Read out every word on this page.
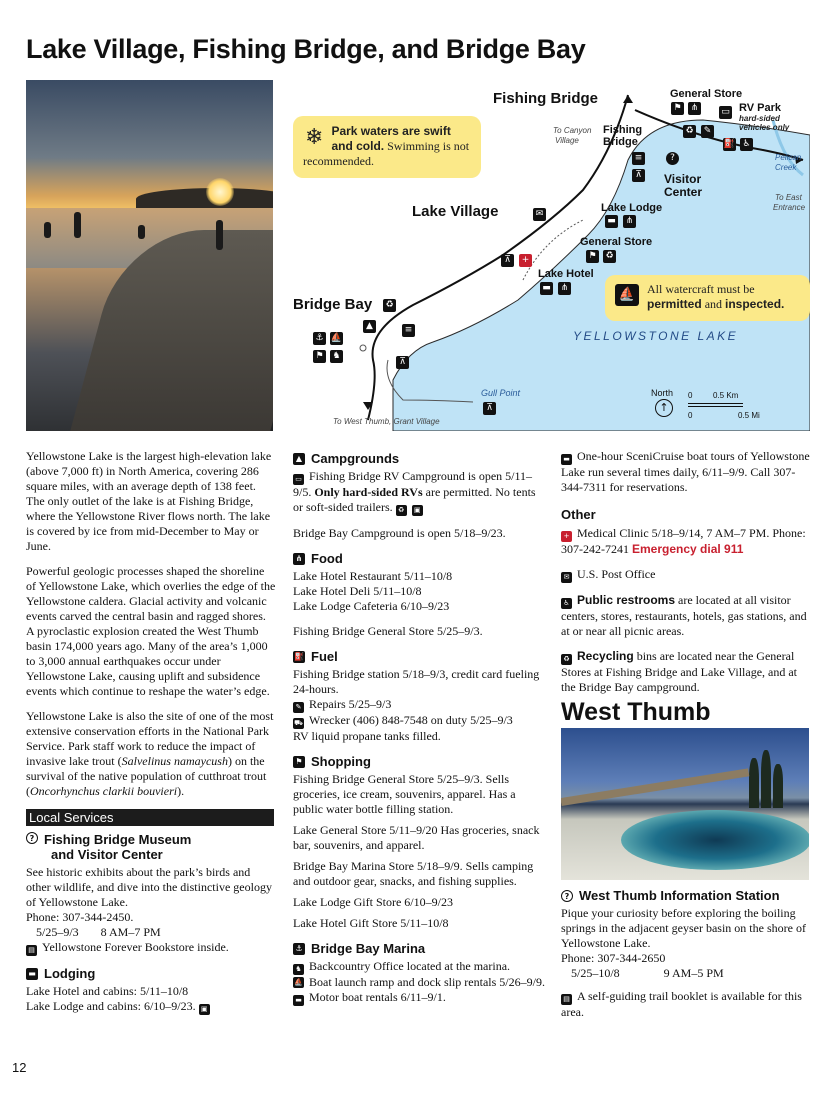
Lake Village, Fishing Bridge, and Bridge Bay
Fishing Bridge	General Store
⚑	⋔	RV Park
hard-sided
vehicles only
▭
⛽ ♿
♻	✎
To Canyon
Village
Fishing
Bridge
Pelican
Creek
≡
⊼
?
Visitor
Center	To East
Entrance
Lake Village	✉	Lake Lodge
▬	⋔
General Store
⚑ ♻
⊼	+
Lake Hotel
▬	⋔
Bridge Bay ♻
▲	≡
⚓ ⛵
⚑ ♞
⊼
YELLOWSTONE LAKE
Gull Point
⊼
To West Thumb, Grant Village
North
↑
0	0.5 Km
0	0.5 Mi
❄ Park waters are swift and cold. Swimming is not recommended.
⛵ All watercraft must be
permitted and inspected.

Yellowstone Lake is the largest high-elevation lake (above 7,000 ft) in North America, covering 286 square miles, with an average depth of 138 feet. The only outlet of the lake is at Fishing Bridge, where the Yellowstone River flows north. The lake is covered by ice from mid-December to May or June.

Powerful geologic processes shaped the shoreline of Yellowstone Lake, which overlies the edge of the Yellowstone caldera. Glacial activity and volcanic events carved the central basin and ragged shores. A pyroclastic explosion created the West Thumb basin 174,000 years ago. Many of the area’s 1,000 to 3,000 annual earthquakes occur under Yellowstone Lake, causing uplift and subsidence events which continue to reshape the water’s edge.

Yellowstone Lake is also the site of one of the most extensive conservation efforts in the National Park Service. Park staff work to reduce the impact of invasive lake trout (Salvelinus namaycush) on the survival of the native population of cutthroat trout (Oncorhynchus clarkii bouvieri).

Local Services
? Fishing Bridge Museum
and Visitor Center
See historic exhibits about the park’s birds and other wildlife, and dive into the distinctive geology of Yellowstone Lake.
Phone: 307-344-2450.
5/25–9/3 8 AM–7 PM
▤ Yellowstone Forever Bookstore inside.
▬ Lodging
Lake Hotel and cabins: 5/11–10/8
Lake Lodge and cabins: 6/10–9/23. ▣
▲ Campgrounds

▭ Fishing Bridge RV Campground is open 5/11–9/5. Only hard-sided RVs are permitted. No tents or soft-sided trailers. ♻ ▣

Bridge Bay Campground is open 5/18–9/23.

⋔ Food
Lake Hotel Restaurant 5/11–10/8
Lake Hotel Deli 5/11–10/8
Lake Lodge Cafeteria 6/10–9/23

Fishing Bridge General Store 5/25–9/3.

⛽ Fuel
Fishing Bridge station 5/18–9/3, credit card fueling 24-hours.
✎ Repairs 5/25–9/3
⛟ Wrecker (406) 848-7548 on duty 5/25–9/3

RV liquid propane tanks filled.

⚑ Shopping

Fishing Bridge General Store 5/25–9/3. Sells groceries, ice cream, souvenirs, apparel. Has a public water bottle filling station.

Lake General Store 5/11–9/20 Has groceries, snack bar, souvenirs, and apparel.

Bridge Bay Marina Store 5/18–9/9. Sells camping and outdoor gear, snacks, and fishing supplies.

Lake Lodge Gift Store 6/10–9/23

Lake Hotel Gift Store 5/11–10/8

⚓ Bridge Bay Marina
♞ Backcountry Office located at the marina.
⛵ Boat launch ramp and dock slip rentals 5/26–9/9.
▬ Motor boat rentals 6/11–9/1.

▬ One-hour SceniCruise boat tours of Yellowstone Lake run several times daily, 6/11–9/9. Call 307-344-7311 for reservations.

Other

+ Medical Clinic 5/18–9/14, 7 AM–7 PM. Phone: 307-242-7241 Emergency dial 911

✉ U.S. Post Office

♿ Public restrooms are located at all visitor centers, stores, restaurants, hotels, gas stations, and at or near all picnic areas.

♻ Recycling bins are located near the General Stores at Fishing Bridge and Lake Village, and at the Bridge Bay campground.

West Thumb
? West Thumb Information Station
Pique your curiosity before exploring the boiling springs in the adjacent geyser basin on the shore of Yellowstone Lake.
Phone: 307-344-2650
5/25–10/8	9 AM–5 PM
▤ A self-guiding trail booklet is available for this area.
12
